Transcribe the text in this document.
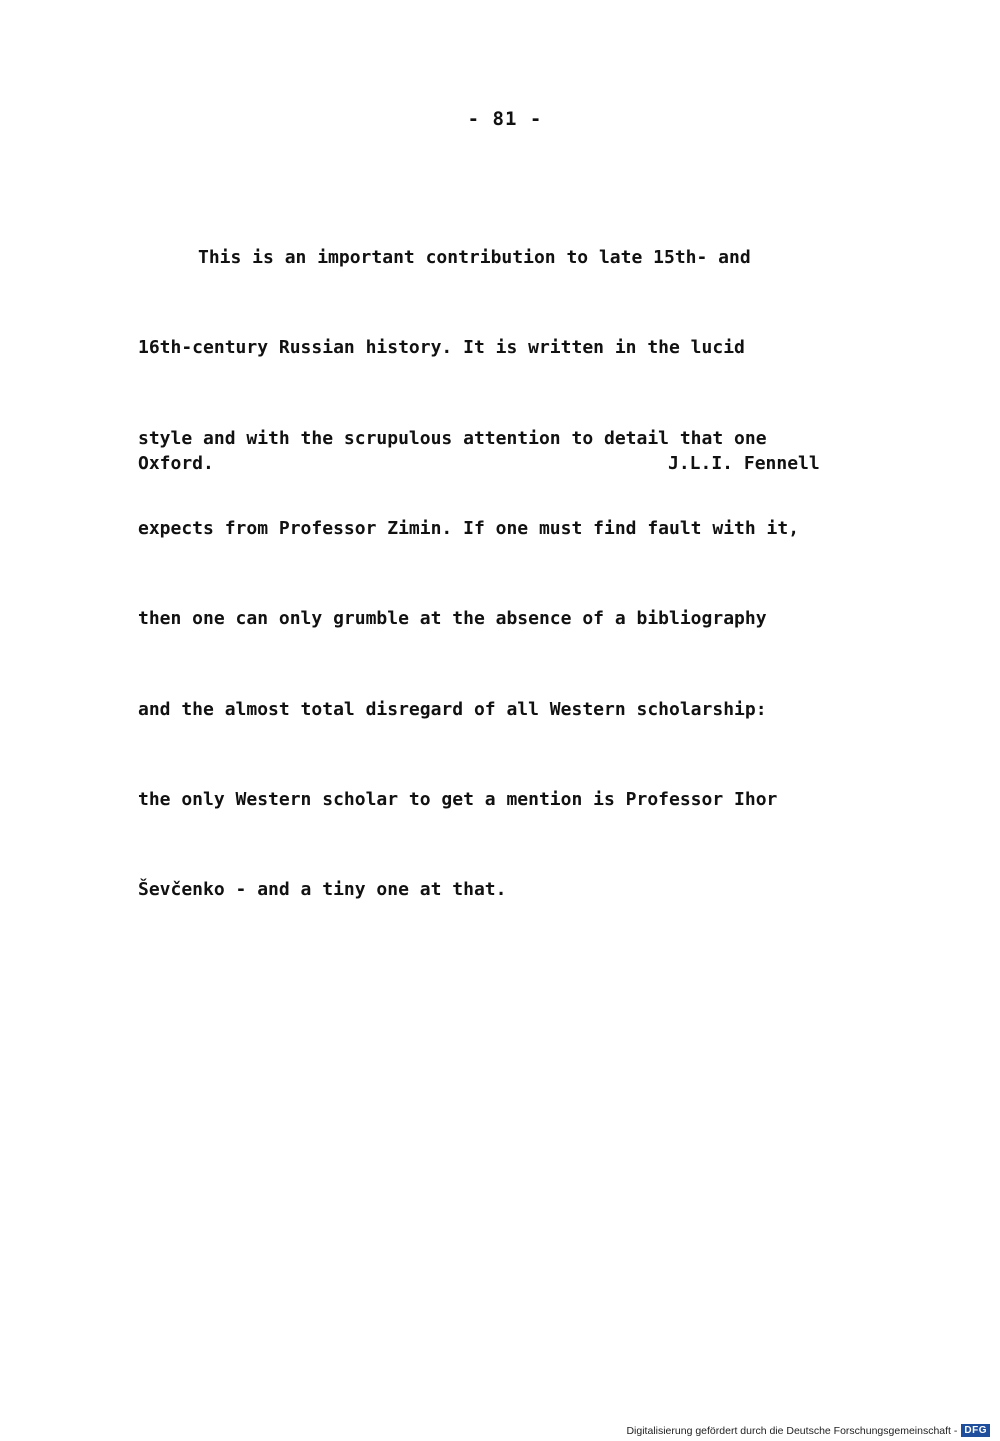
- 81 -

This is an important contribution to late 15th- and

16th-century Russian history. It is written in the lucid

style and with the scrupulous attention to detail that one

expects from Professor Zimin. If one must find fault with it,

then one can only grumble at the absence of a bibliography

and the almost total disregard of all Western scholarship:

the only Western scholar to get a mention is Professor Ihor

Ševčenko - and a tiny one at that.

Oxford.	J.L.I. Fennell
Digitalisierung gefördert durch die Deutsche Forschungsgemeinschaft - DFG
